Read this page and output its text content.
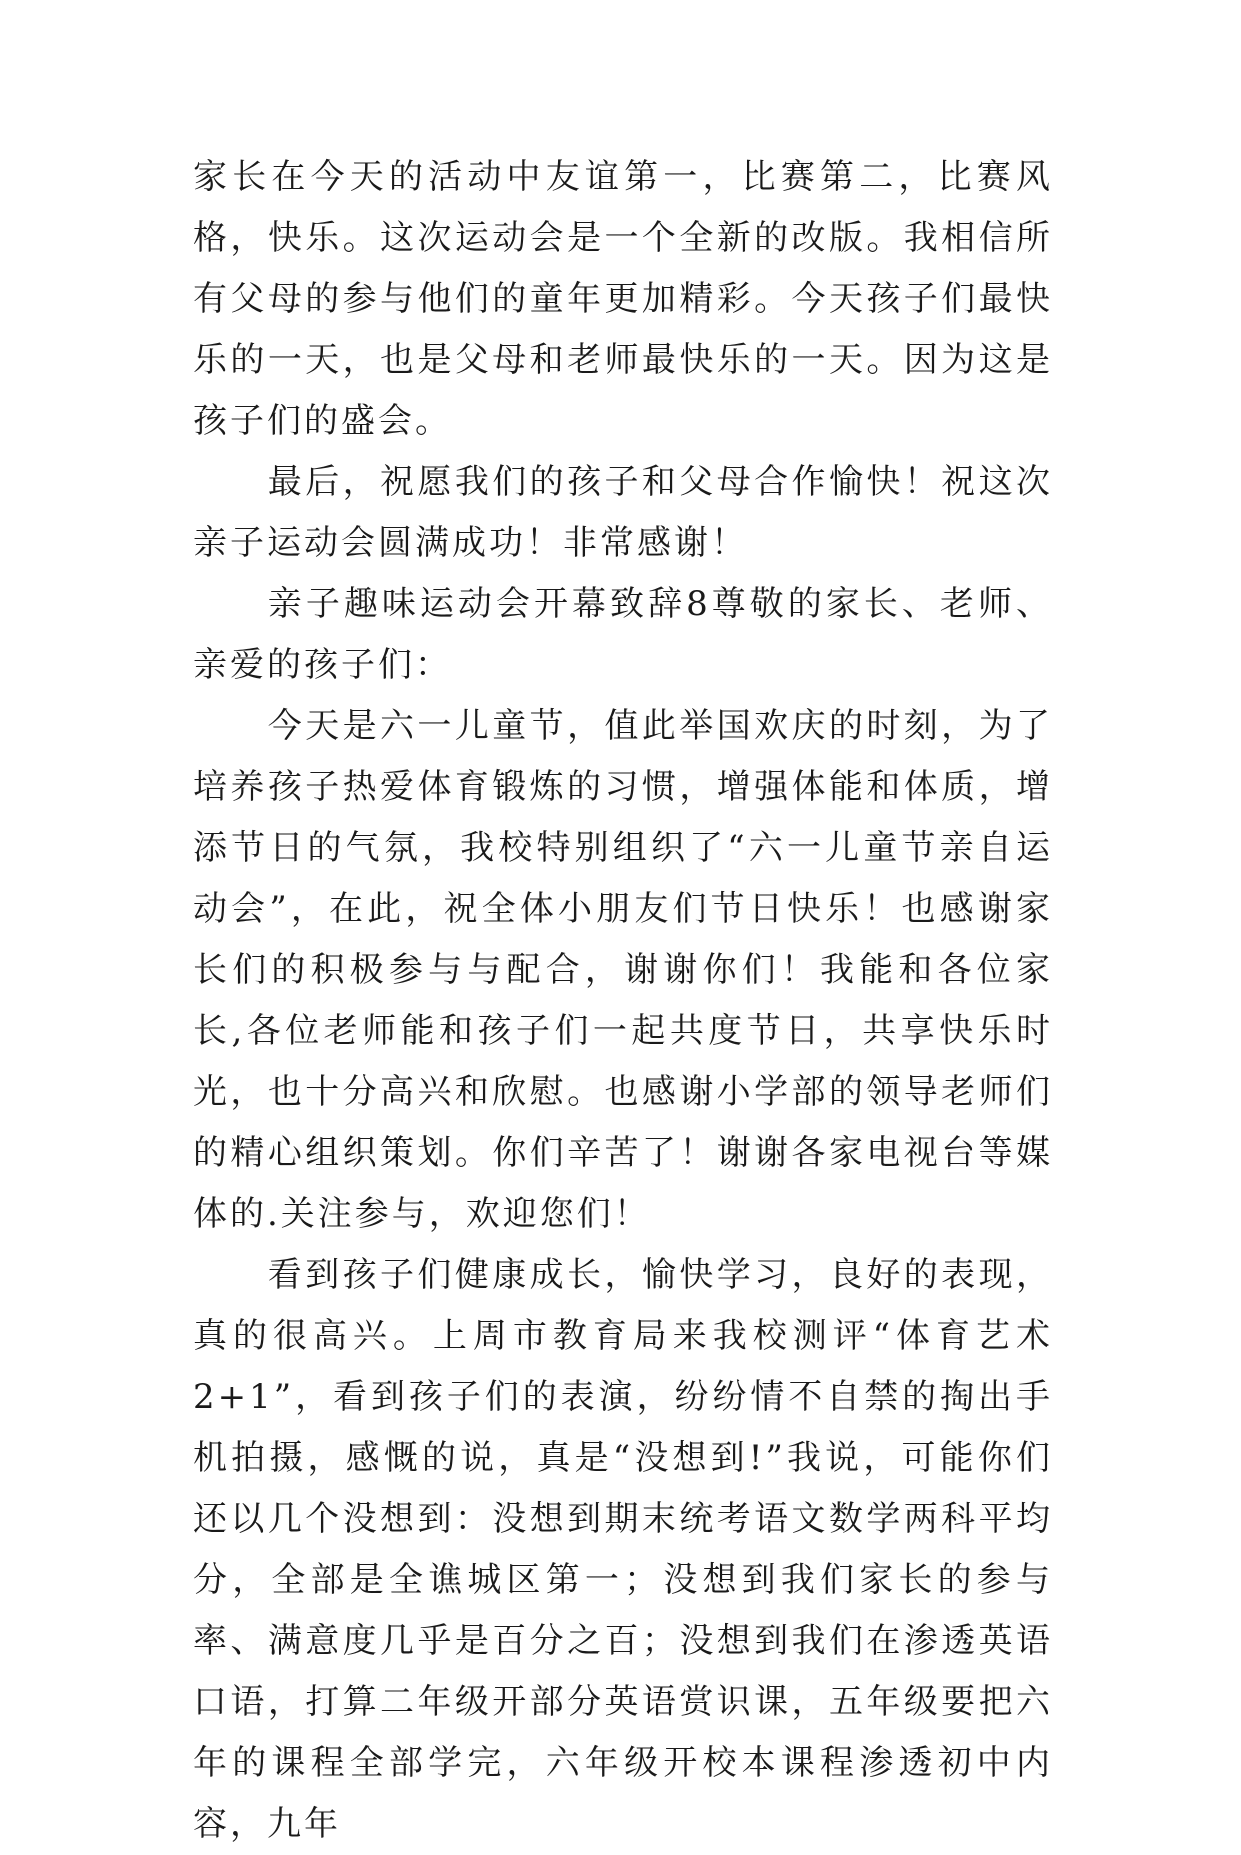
家长在今天的活动中友谊第一，比赛第二，比赛风格，快乐。这次运动会是一个全新的改版。我相信所有父母的参与他们的童年更加精彩。今天孩子们最快乐的一天，也是父母和老师最快乐的一天。因为这是孩子们的盛会。

最后，祝愿我们的孩子和父母合作愉快！祝这次亲子运动会圆满成功！非常感谢！

亲子趣味运动会开幕致辞8尊敬的家长、老师、亲爱的孩子们：

今天是六一儿童节，值此举国欢庆的时刻，为了培养孩子热爱体育锻炼的习惯，增强体能和体质，增添节日的气氛，我校特别组织了“六一儿童节亲自运动会”，在此，祝全体小朋友们节日快乐！也感谢家长们的积极参与与配合，谢谢你们！我能和各位家长,各位老师能和孩子们一起共度节日，共享快乐时光，也十分高兴和欣慰。也感谢小学部的领导老师们的精心组织策划。你们辛苦了！谢谢各家电视台等媒体的.关注参与，欢迎您们！

看到孩子们健康成长，愉快学习，良好的表现，真的很高兴。上周市教育局来我校测评“体育艺术2+1”，看到孩子们的表演，纷纷情不自禁的掏出手机拍摄，感慨的说，真是“没想到!”我说，可能你们还以几个没想到：没想到期末统考语文数学两科平均分，全部是全谯城区第一；没想到我们家长的参与率、满意度几乎是百分之百；没想到我们在渗透英语口语，打算二年级开部分英语赏识课，五年级要把六年的课程全部学完，六年级开校本课程渗透初中内容，九年
